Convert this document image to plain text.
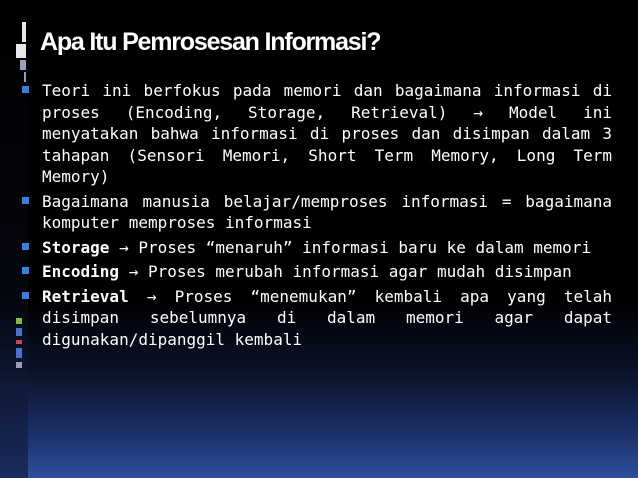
Apa Itu Pemrosesan Informasi?
Teori ini berfokus pada memori dan bagaimana informasi di proses (Encoding, Storage, Retrieval) → Model ini menyatakan bahwa informasi di proses dan disimpan dalam 3 tahapan (Sensori Memori, Short Term Memory, Long Term Memory)
Bagaimana manusia belajar/memproses informasi = bagaimana komputer memproses informasi
Storage → Proses “menaruh” informasi baru ke dalam memori
Encoding → Proses merubah informasi agar mudah disimpan
Retrieval → Proses “menemukan” kembali apa yang telah disimpan sebelumnya di dalam memori agar dapat digunakan/dipanggil kembali
